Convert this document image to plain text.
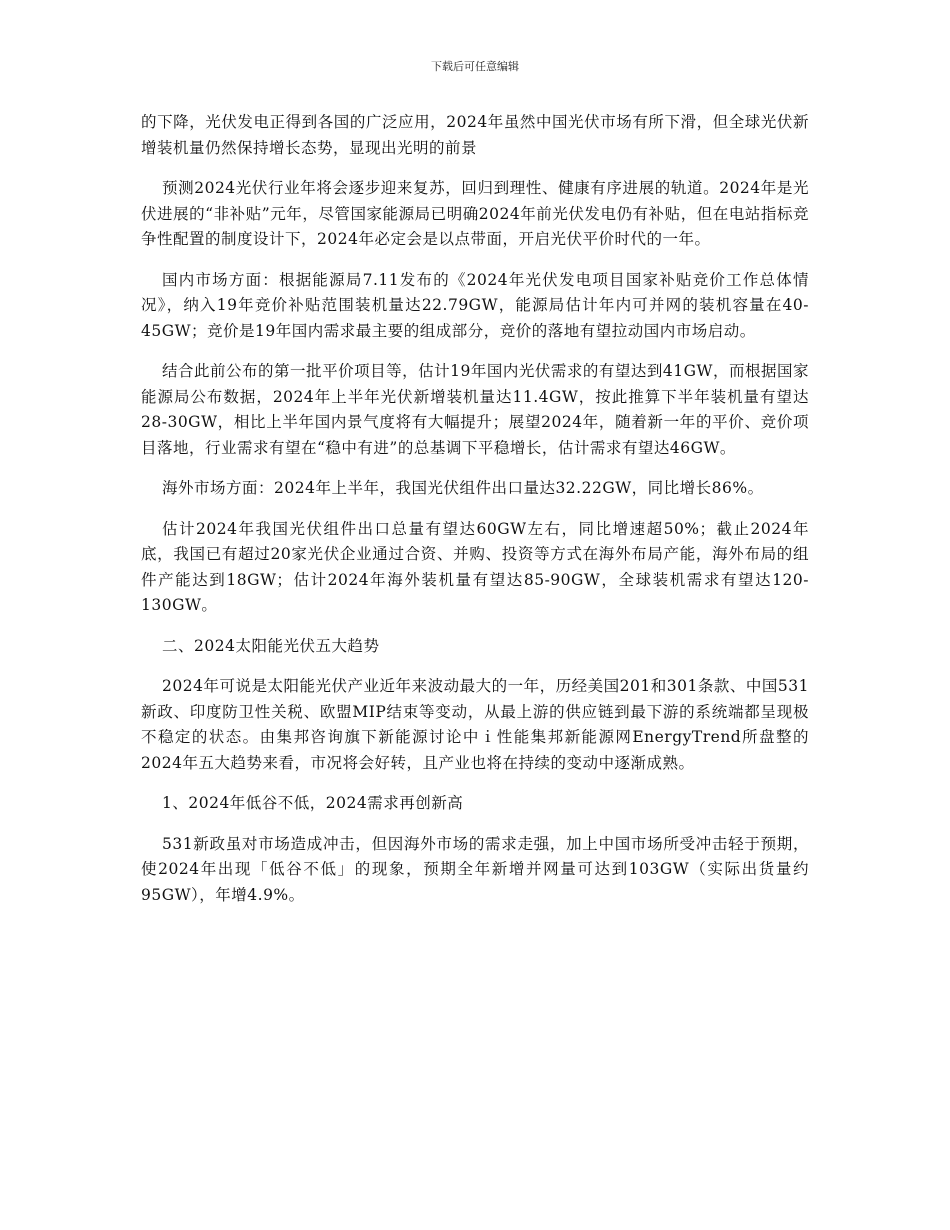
下载后可任意编辑

的下降，光伏发电正得到各国的广泛应用，2024年虽然中国光伏市场有所下滑，但全球光伏新增装机量仍然保持增长态势，显现出光明的前景

预测2024光伏行业年将会逐步迎来复苏，回归到理性、健康有序进展的轨道。2024年是光伏进展的“非补贴”元年，尽管国家能源局已明确2024年前光伏发电仍有补贴，但在电站指标竞争性配置的制度设计下，2024年必定会是以点带面，开启光伏平价时代的一年。

国内市场方面：根据能源局7.11发布的《2024年光伏发电项目国家补贴竞价工作总体情况》，纳入19年竞价补贴范围装机量达22.79GW，能源局估计年内可并网的装机容量在40-45GW；竞价是19年国内需求最主要的组成部分，竞价的落地有望拉动国内市场启动。

结合此前公布的第一批平价项目等，估计19年国内光伏需求的有望达到41GW，而根据国家能源局公布数据，2024年上半年光伏新增装机量达11.4GW，按此推算下半年装机量有望达28-30GW，相比上半年国内景气度将有大幅提升；展望2024年，随着新一年的平价、竞价项目落地，行业需求有望在“稳中有进”的总基调下平稳增长，估计需求有望达46GW。

海外市场方面：2024年上半年，我国光伏组件出口量达32.22GW，同比增长86%。

估计2024年我国光伏组件出口总量有望达60GW左右，同比增速超50%；截止2024年底，我国已有超过20家光伏企业通过合资、并购、投资等方式在海外布局产能，海外布局的组件产能达到18GW；估计2024年海外装机量有望达85-90GW，全球装机需求有望达120-130GW。

二、2024太阳能光伏五大趋势

2024年可说是太阳能光伏产业近年来波动最大的一年，历经美国201和301条款、中国531新政、印度防卫性关税、欧盟MIP结束等变动，从最上游的供应链到最下游的系统端都呈现极不稳定的状态。由集邦咨询旗下新能源讨论中ｉ性能集邦新能源网EnergyTrend所盘整的2024年五大趋势来看，市况将会好转，且产业也将在持续的变动中逐渐成熟。

1、2024年低谷不低，2024需求再创新高

531新政虽对市场造成冲击，但因海外市场的需求走强，加上中国市场所受冲击轻于预期，使2024年出现「低谷不低」的现象，预期全年新增并网量可达到103GW（实际出货量约95GW），年增4.9%。
